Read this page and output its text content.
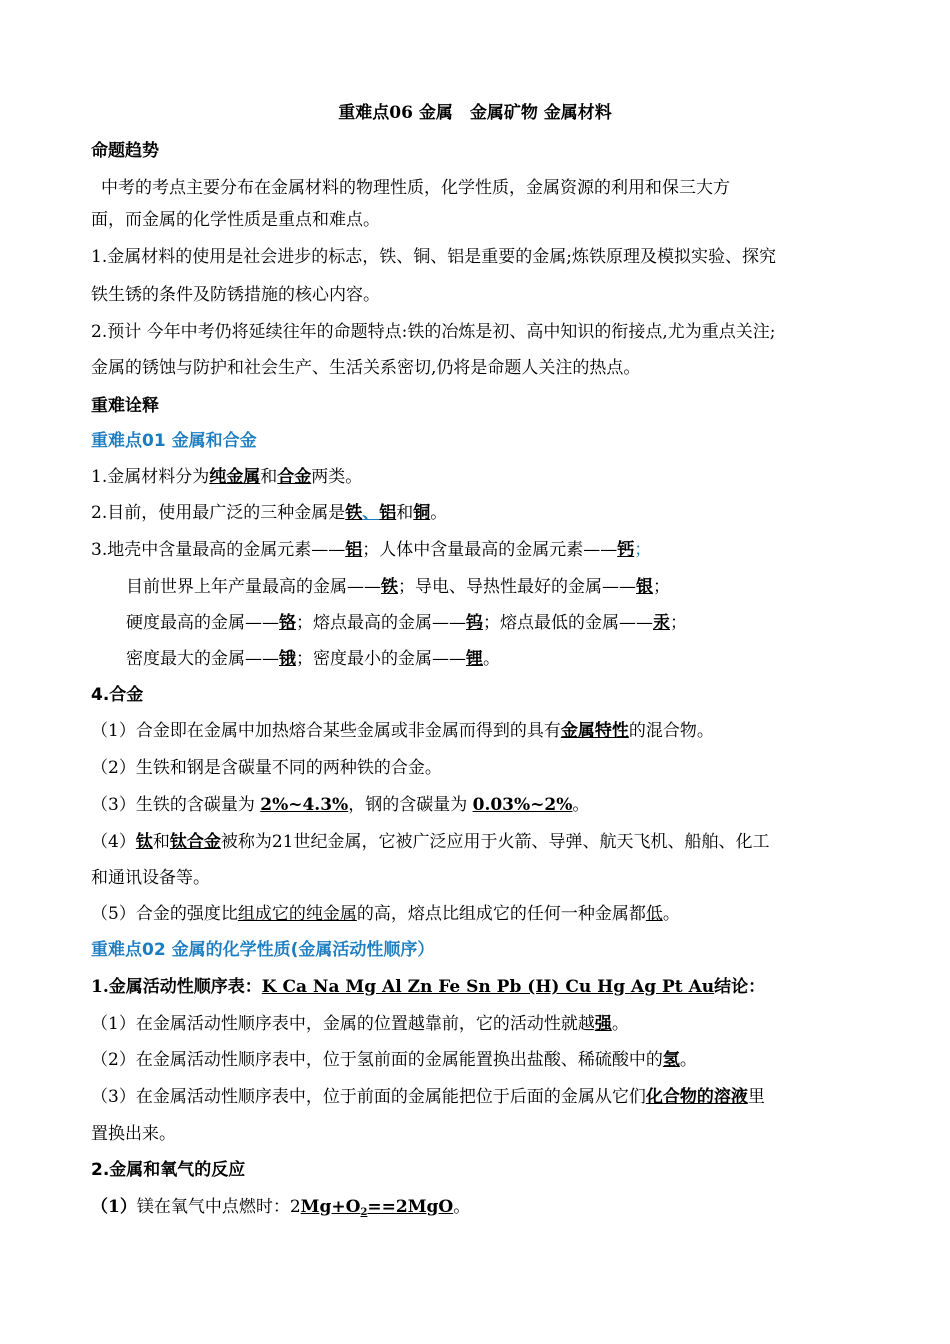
重难点06 金属　金属矿物 金属材料
命题趋势
中考的考点主要分布在金属材料的物理性质，化学性质，金属资源的利用和保三大方
面，而金属的化学性质是重点和难点。
1.金属材料的使用是社会进步的标志，铁、铜、铝是重要的金属;炼铁原理及模拟实验、探究
铁生锈的条件及防锈措施的核心内容。
2.预计 今年中考仍将延续往年的命题特点:铁的冶炼是初、高中知识的衔接点,尤为重点关注;
金属的锈蚀与防护和社会生产、生活关系密切,仍将是命题人关注的热点。
重难诠释
重难点01 金属和合金
1.金属材料分为纯金属和合金两类。
2.目前，使用最广泛的三种金属是铁、铝和铜。
3.地壳中含量最高的金属元素——铝；人体中含量最高的金属元素——钙；
目前世界上年产量最高的金属——铁；导电、导热性最好的金属——银；
硬度最高的金属——铬；熔点最高的金属——钨；熔点最低的金属——汞；
密度最大的金属——锇；密度最小的金属——锂。
4.合金
（1）合金即在金属中加热熔合某些金属或非金属而得到的具有金属特性的混合物。
（2）生铁和钢是含碳量不同的两种铁的合金。
（3）生铁的含碳量为 2%~4.3%，钢的含碳量为 0.03%~2%。
（4）钛和钛合金被称为21世纪金属，它被广泛应用于火箭、导弹、航天飞机、船舶、化工
和通讯设备等。
（5）合金的强度比组成它的纯金属的高，熔点比组成它的任何一种金属都低。
重难点02 金属的化学性质(金属活动性顺序）
1.金属活动性顺序表：K Ca Na Mg Al Zn Fe Sn Pb (H) Cu Hg Ag Pt Au结论：
（1）在金属活动性顺序表中，金属的位置越靠前，它的活动性就越强。
（2）在金属活动性顺序表中，位于氢前面的金属能置换出盐酸、稀硫酸中的氢。
（3）在金属活动性顺序表中，位于前面的金属能把位于后面的金属从它们化合物的溶液里
置换出来。
2.金属和氧气的反应
（1）镁在氧气中点燃时：$2Mg+O_2==2MgO$。
